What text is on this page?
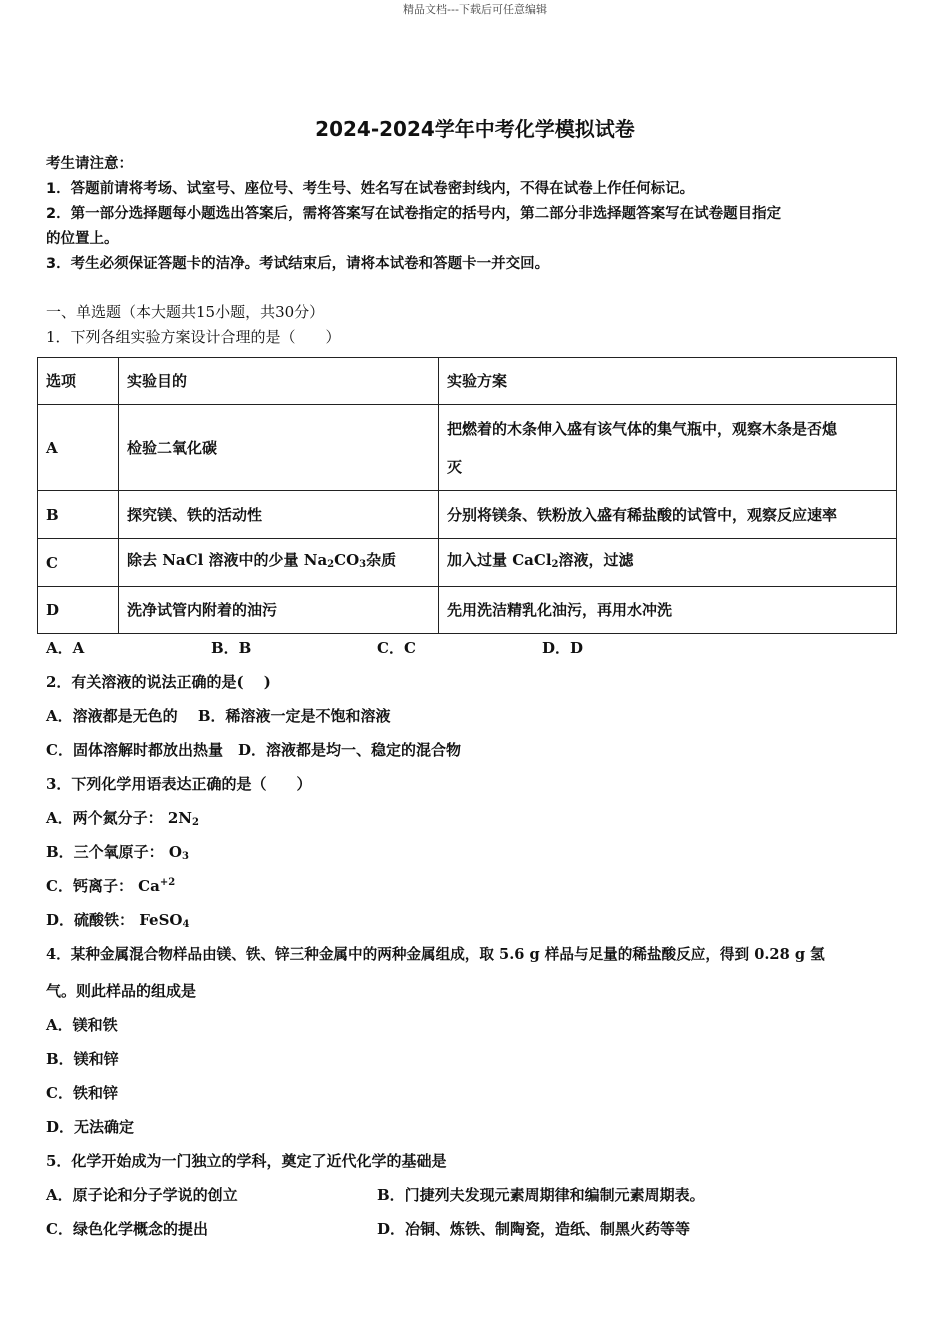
精品文档---下载后可任意编辑
2024-2024学年中考化学模拟试卷
考生请注意：
1．答题前请将考场、试室号、座位号、考生号、姓名写在试卷密封线内，不得在试卷上作任何标记。
2．第一部分选择题每小题选出答案后，需将答案写在试卷指定的括号内，第二部分非选择题答案写在试卷题目指定
的位置上。
3．考生必须保证答题卡的洁净。考试结束后，请将本试卷和答题卡一并交回。
一、单选题（本大题共15小题，共30分）
1．下列各组实验方案设计合理的是（　　）
选项	实验目的	实验方案
A	检验二氧化碳	把燃着的木条伸入盛有该气体的集气瓶中，观察木条是否熄
灭

B	探究镁、铁的活动性	分别将镁条、铁粉放入盛有稀盐酸的试管中，观察反应速率
C	除去 NaCl 溶液中的少量 $Na_2CO_3$杂质	加入过量 CaCl$_2$溶液，过滤
D	洗净试管内附着的油污	先用洗洁精乳化油污，再用水冲洗
A．A	B．B	C．C	D．D
2．有关溶液的说法正确的是(　 )
A．溶液都是无色的　 B．稀溶液一定是不饱和溶液
C．固体溶解时都放出热量　D．溶液都是均一、稳定的混合物
3．下列化学用语表达正确的是（　　）
A．两个氮分子： $2N_2$
B．三个氧原子： $O_3$
C．钙离子： $Ca^{+2}$
D．硫酸铁： FeSO$_4$
4．某种金属混合物样品由镁、铁、锌三种金属中的两种金属组成，取 5.6 g 样品与足量的稀盐酸反应，得到 0.28 g 氢
气。则此样品的组成是
A．镁和铁
B．镁和锌
C．铁和锌
D．无法确定
5．化学开始成为一门独立的学科，奠定了近代化学的基础是
A．原子论和分子学说的创立	B．门捷列夫发现元素周期律和编制元素周期表。
C．绿色化学概念的提出	D．冶铜、炼铁、制陶瓷，造纸、制黑火药等等
